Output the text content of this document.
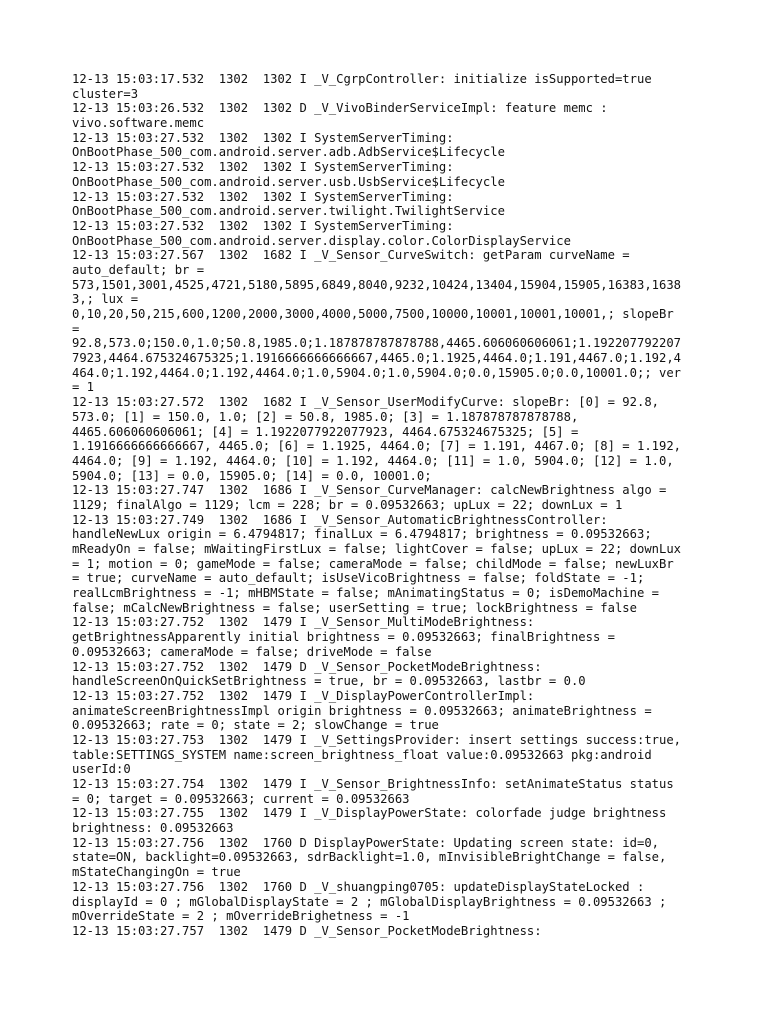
12-13 15:03:17.532  1302  1302 I _V_CgrpController: initialize isSupported=true
cluster=3
12-13 15:03:26.532  1302  1302 D _V_VivoBinderServiceImpl: feature memc :
vivo.software.memc
12-13 15:03:27.532  1302  1302 I SystemServerTiming:
OnBootPhase_500_com.android.server.adb.AdbService$Lifecycle
12-13 15:03:27.532  1302  1302 I SystemServerTiming:
OnBootPhase_500_com.android.server.usb.UsbService$Lifecycle
12-13 15:03:27.532  1302  1302 I SystemServerTiming:
OnBootPhase_500_com.android.server.twilight.TwilightService
12-13 15:03:27.532  1302  1302 I SystemServerTiming:
OnBootPhase_500_com.android.server.display.color.ColorDisplayService
12-13 15:03:27.567  1302  1682 I _V_Sensor_CurveSwitch: getParam curveName =
auto_default; br =
573,1501,3001,4525,4721,5180,5895,6849,8040,9232,10424,13404,15904,15905,16383,1638
3,; lux =
0,10,20,50,215,600,1200,2000,3000,4000,5000,7500,10000,10001,10001,10001,; slopeBr
=
92.8,573.0;150.0,1.0;50.8,1985.0;1.187878787878788,4465.606060606061;1.192207792207
7923,4464.675324675325;1.1916666666666667,4465.0;1.1925,4464.0;1.191,4467.0;1.192,4
464.0;1.192,4464.0;1.192,4464.0;1.0,5904.0;1.0,5904.0;0.0,15905.0;0.0,10001.0;; ver
= 1
12-13 15:03:27.572  1302  1682 I _V_Sensor_UserModifyCurve: slopeBr: [0] = 92.8,
573.0; [1] = 150.0, 1.0; [2] = 50.8, 1985.0; [3] = 1.187878787878788,
4465.606060606061; [4] = 1.1922077922077923, 4464.675324675325; [5] =
1.1916666666666667, 4465.0; [6] = 1.1925, 4464.0; [7] = 1.191, 4467.0; [8] = 1.192,
4464.0; [9] = 1.192, 4464.0; [10] = 1.192, 4464.0; [11] = 1.0, 5904.0; [12] = 1.0,
5904.0; [13] = 0.0, 15905.0; [14] = 0.0, 10001.0;
12-13 15:03:27.747  1302  1686 I _V_Sensor_CurveManager: calcNewBrightness algo =
1129; finalAlgo = 1129; lcm = 228; br = 0.09532663; upLux = 22; downLux = 1
12-13 15:03:27.749  1302  1686 I _V_Sensor_AutomaticBrightnessController:
handleNewLux origin = 6.4794817; finalLux = 6.4794817; brightness = 0.09532663;
mReadyOn = false; mWaitingFirstLux = false; lightCover = false; upLux = 22; downLux
= 1; motion = 0; gameMode = false; cameraMode = false; childMode = false; newLuxBr
= true; curveName = auto_default; isUseVicoBrightness = false; foldState = -1;
realLcmBrightness = -1; mHBMState = false; mAnimatingStatus = 0; isDemoMachine =
false; mCalcNewBrightness = false; userSetting = true; lockBrightness = false
12-13 15:03:27.752  1302  1479 I _V_Sensor_MultiModeBrightness:
getBrightnessApparently initial brightness = 0.09532663; finalBrightness =
0.09532663; cameraMode = false; driveMode = false
12-13 15:03:27.752  1302  1479 D _V_Sensor_PocketModeBrightness:
handleScreenOnQuickSetBrightness = true, br = 0.09532663, lastbr = 0.0
12-13 15:03:27.752  1302  1479 I _V_DisplayPowerControllerImpl:
animateScreenBrightnessImpl origin brightness = 0.09532663; animateBrightness =
0.09532663; rate = 0; state = 2; slowChange = true
12-13 15:03:27.753  1302  1479 I _V_SettingsProvider: insert settings success:true,
table:SETTINGS_SYSTEM name:screen_brightness_float value:0.09532663 pkg:android
userId:0
12-13 15:03:27.754  1302  1479 I _V_Sensor_BrightnessInfo: setAnimateStatus status
= 0; target = 0.09532663; current = 0.09532663
12-13 15:03:27.755  1302  1479 I _V_DisplayPowerState: colorfade judge brightness
brightness: 0.09532663
12-13 15:03:27.756  1302  1760 D DisplayPowerState: Updating screen state: id=0,
state=ON, backlight=0.09532663, sdrBacklight=1.0, mInvisibleBrightChange = false,
mStateChangingOn = true
12-13 15:03:27.756  1302  1760 D _V_shuangping0705: updateDisplayStateLocked :
displayId = 0 ; mGlobalDisplayState = 2 ; mGlobalDisplayBrightness = 0.09532663 ;
mOverrideState = 2 ; mOverrideBrighetness = -1
12-13 15:03:27.757  1302  1479 D _V_Sensor_PocketModeBrightness:
